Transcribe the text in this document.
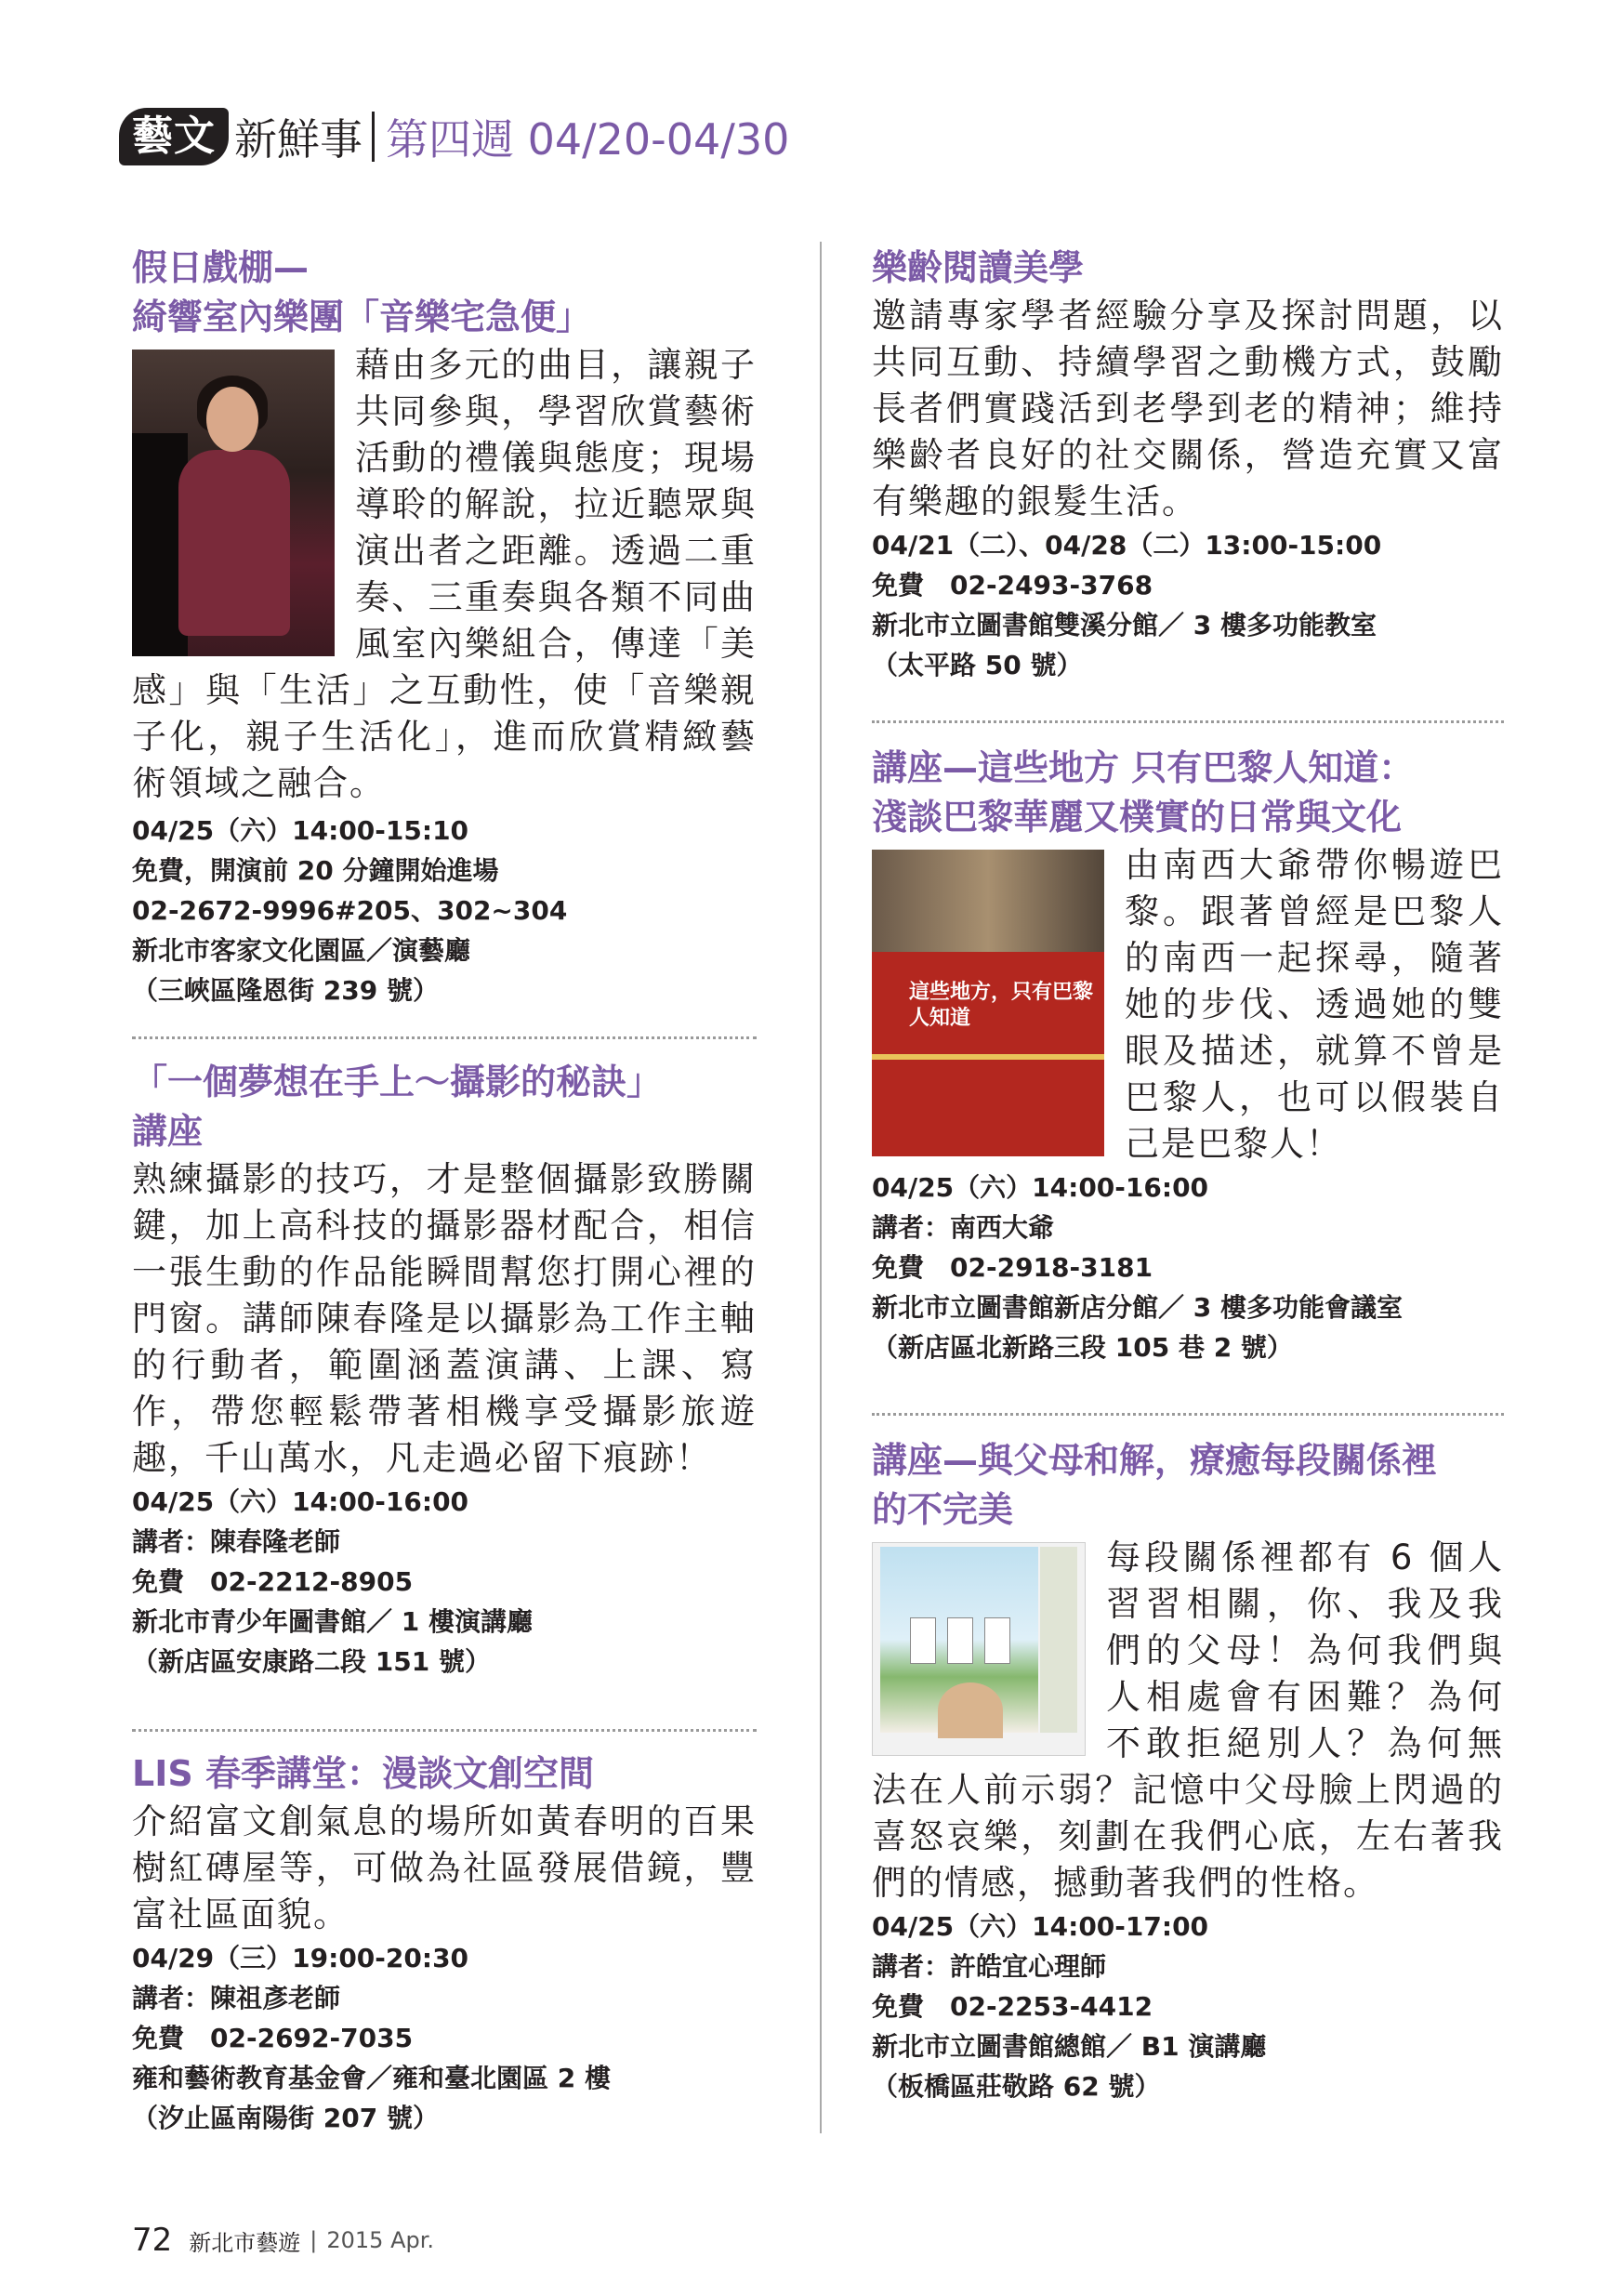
藝文 新鮮事 第四週 04/20-04/30
假日戲棚—
綺響室內樂團「音樂宅急便」
藉由多元的曲目，讓親子共同參與，學習欣賞藝術活動的禮儀與態度；現場導聆的解說，拉近聽眾與演出者之距離。透過二重奏、三重奏與各類不同曲風室內樂組合，傳達「美感」與「生活」之互動性，使「音樂親子化，親子生活化」，進而欣賞精緻藝術領域之融合。
04/25（六）14:00-15:10
免費，開演前 20 分鐘開始進場
02-2672-9996#205、302~304
新北市客家文化園區／演藝廳
（三峽區隆恩街 239 號）
「一個夢想在手上～攝影的秘訣」
講座
熟練攝影的技巧，才是整個攝影致勝關鍵，加上高科技的攝影器材配合，相信一張生動的作品能瞬間幫您打開心裡的門窗。講師陳春隆是以攝影為工作主軸的行動者，範圍涵蓋演講、上課、寫作，帶您輕鬆帶著相機享受攝影旅遊趣，千山萬水，凡走過必留下痕跡！
04/25（六）14:00-16:00
講者：陳春隆老師
免費　02-2212-8905
新北市青少年圖書館／ 1 樓演講廳
（新店區安康路二段 151 號）
LIS 春季講堂：漫談文創空間
介紹富文創氣息的場所如黃春明的百果樹紅磚屋等，可做為社區發展借鏡，豐富社區面貌。
04/29（三）19:00-20:30
講者：陳祖彥老師
免費　02-2692-7035
雍和藝術教育基金會／雍和臺北園區 2 樓
（汐止區南陽街 207 號）
樂齡閱讀美學
邀請專家學者經驗分享及探討問題，以共同互動、持續學習之動機方式，鼓勵長者們實踐活到老學到老的精神；維持樂齡者良好的社交關係，營造充實又富有樂趣的銀髮生活。
04/21（二）、04/28（二）13:00-15:00
免費　02-2493-3768
新北市立圖書館雙溪分館／ 3 樓多功能教室
（太平路 50 號）
講座—這些地方 只有巴黎人知道：
淺談巴黎華麗又樸實的日常與文化
這些地方，只有巴黎人知道
由南西大爺帶你暢遊巴黎。跟著曾經是巴黎人的南西一起探尋，隨著她的步伐、透過她的雙眼及描述，就算不曾是巴黎人，也可以假裝自己是巴黎人！
04/25（六）14:00-16:00
講者：南西大爺
免費　02-2918-3181
新北市立圖書館新店分館／ 3 樓多功能會議室
（新店區北新路三段 105 巷 2 號）
講座—與父母和解，療癒每段關係裡
的不完美
每段關係裡都有 6 個人習習相關，你、我及我們的父母！為何我們與人相處會有困難？為何不敢拒絕別人？為何無法在人前示弱？記憶中父母臉上閃過的喜怒哀樂，刻劃在我們心底，左右著我們的情感，撼動著我們的性格。
04/25（六）14:00-17:00
講者：許皓宜心理師
免費　02-2253-4412
新北市立圖書館總館／ B1 演講廳
（板橋區莊敬路 62 號）
72 新北市藝遊 | 2015 Apr.
